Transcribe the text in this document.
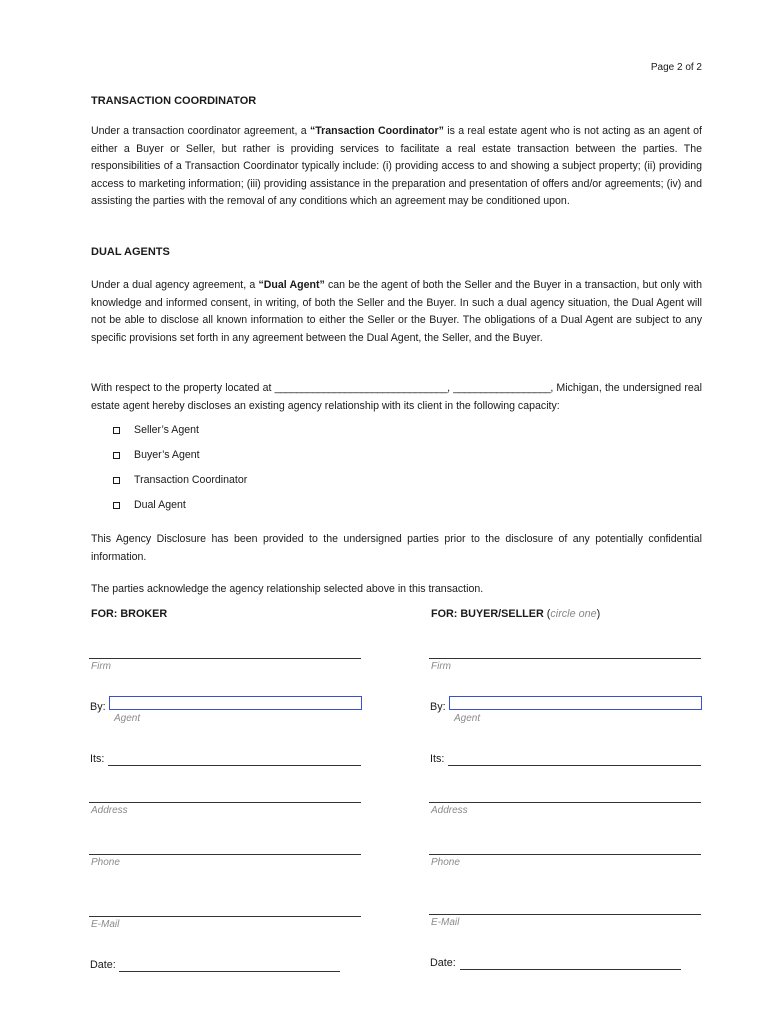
Page 2 of 2
TRANSACTION COORDINATOR
Under a transaction coordinator agreement, a “Transaction Coordinator” is a real estate agent who is not acting as an agent of either a Buyer or Seller, but rather is providing services to facilitate a real estate transaction between the parties. The responsibilities of a Transaction Coordinator typically include: (i) providing access to and showing a subject property; (ii) providing access to marketing information; (iii) providing assistance in the preparation and presentation of offers and/or agreements; (iv) and assisting the parties with the removal of any conditions which an agreement may be conditioned upon.
DUAL AGENTS
Under a dual agency agreement, a “Dual Agent” can be the agent of both the Seller and the Buyer in a transaction, but only with knowledge and informed consent, in writing, of both the Seller and the Buyer. In such a dual agency situation, the Dual Agent will not be able to disclose all known information to either the Seller or the Buyer. The obligations of a Dual Agent are subject to any specific provisions set forth in any agreement between the Dual Agent, the Seller, and the Buyer.
With respect to the property located at ________________________________, __________________, Michigan, the undersigned real estate agent hereby discloses an existing agency relationship with its client in the following capacity:
Seller’s Agent
Buyer’s Agent
Transaction Coordinator
Dual Agent
This Agency Disclosure has been provided to the undersigned parties prior to the disclosure of any potentially confidential information.
The parties acknowledge the agency relationship selected above in this transaction.
FOR: BROKER
Firm
By:
Agent
Its:
Address
Phone
E-Mail
Date:
FOR: BUYER/SELLER (circle one)
Firm
By:
Agent
Its:
Address
Phone
E-Mail
Date:
